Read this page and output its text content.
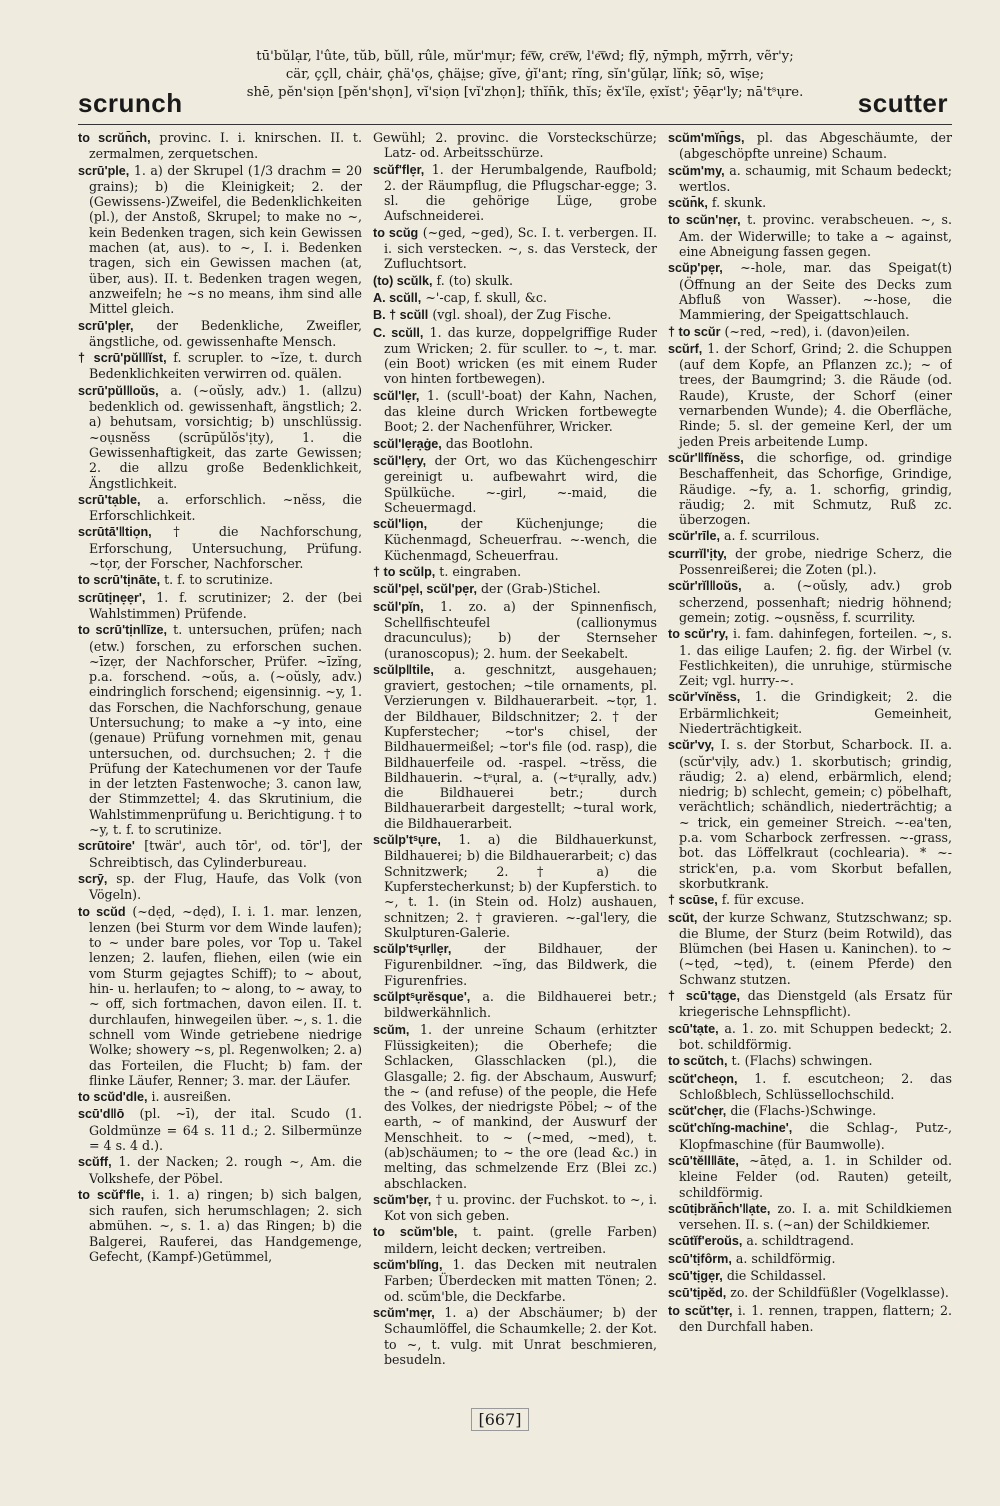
scrunch	scutter
tū'bŭlạr, l'ûte, tŭb, bŭll, rûle, mŭr'mụr; fe͞w, cre͞w, l'e͞wd; flȳ, nȳmph, mȳ̆rrh, vẽr'y;
cär, ççll, chȧir, çhä'ọs, çhäi̤se; gĭve, ġĭ'ant; rĭng, sĭn'gŭlạr, lĭn̄k; sō, wīṣe;
shē, pĕn'siọn [pĕn'shọn], vĭ'siọn [vĭ'zhọn]; thĭn̄k, thĭs; ĕx'ĭle, ẹxĭst'; ȳēạr'ly; nā'tˢụre.

to scrŭn̄ch, provinc. I. i. knirschen. II. t. zermalmen, zerquetschen.

scrū'ple, 1. a) der Skrupel (1/3 drachm = 20 grains); b) die Kleinigkeit; 2. der (Gewissens-)Zweifel, die Bedenklichkeiten (pl.), der Anstoß, Skrupel; to make no ~, kein Bedenken tragen, sich kein Gewissen machen (at, aus). to ~, I. i. Bedenken tragen, sich ein Gewissen machen (at, über, aus). II. t. Bedenken tragen wegen, anzweifeln; he ~s no means, ihm sind alle Mittel gleich.

scrū'plẹr, der Bedenkliche, Zweifler, ängstliche, od. gewissenhafte Mensch.

† scrū'pŭl‖ĭst, f. scrupler. to ~ĭze, t. durch Bedenklichkeiten verwirren od. quälen.

scrū'pŭl‖oŭs, a. (~oŭsly, adv.) 1. (allzu) bedenklich od. gewissenhaft, ängstlich; 2. a) behutsam, vorsichtig; b) unschlüssig. ~oụsnĕss (scrūpŭlŏs'ịty), 1. die Gewissenhaftigkeit, das zarte Gewissen; 2. die allzu große Bedenklichkeit, Ängstlichkeit.

scrū'tạble, a. erforschlich. ~nĕss, die Erforschlichkeit.

scrūtā'‖tiọn, † die Nachforschung, Erforschung, Untersuchung, Prüfung. ~tọr, der Forscher, Nachforscher.

to scrū'tịnāte, t. f. to scrutinize.

scrūtịnẹẹr', 1. f. scrutinizer; 2. der (bei Wahlstimmen) Prüfende.

to scrū'tịn‖īze, t. untersuchen, prüfen; nach (etw.) forschen, zu erforschen suchen. ~īzẹr, der Nachforscher, Prüfer. ~īzĭng, p.a. forschend. ~oŭs, a. (~oŭsly, adv.) eindringlich forschend; eigensinnig. ~y, 1. das Forschen, die Nachforschung, genaue Untersuchung; to make a ~y into, eine (genaue) Prüfung vornehmen mit, genau untersuchen, od. durchsuchen; 2. † die Prüfung der Katechumenen vor der Taufe in der letzten Fastenwoche; 3. canon law, der Stimmzettel; 4. das Skrutinium, die Wahlstimmenprüfung u. Berichtigung. † to ~y, t. f. to scrutinize.

scrūtoire' [twär', auch tōr', od. tōr'], der Schreibtisch, das Cylinderbureau.

scrȳ, sp. der Flug, Haufe, das Volk (von Vögeln).

to scŭd (~dẹd, ~dẹd), I. i. 1. mar. lenzen, lenzen (bei Sturm vor dem Winde laufen); to ~ under bare poles, vor Top u. Takel lenzen; 2. laufen, fliehen, eilen (wie ein vom Sturm gejagtes Schiff); to ~ about, hin- u. herlaufen; to ~ along, to ~ away, to ~ off, sich fortmachen, davon eilen. II. t. durchlaufen, hinwegeilen über. ~, s. 1. die schnell vom Winde getriebene niedrige Wolke; showery ~s, pl. Regenwolken; 2. a) das Forteilen, die Flucht; b) fam. der flinke Läufer, Renner; 3. mar. der Läufer.

to scŭd'dle, i. ausreißen.

scū'd‖ō (pl. ~ī), der ital. Scudo (1. Goldmünze = 64 s. 11 d.; 2. Silbermünze = 4 s. 4 d.).

scŭff, 1. der Nacken; 2. rough ~, Am. die Volkshefe, der Pöbel.

to scŭf'fle, i. 1. a) ringen; b) sich balgen, sich raufen, sich herumschlagen; 2. sich abmühen. ~, s. 1. a) das Ringen; b) die Balgerei, Rauferei, das Handgemenge, Gefecht, (Kampf-)Getümmel,

Gewühl; 2. provinc. die Vorsteckschürze; Latz- od. Arbeitsschürze.

scŭf'flẹr, 1. der Herumbalgende, Raufbold; 2. der Räumpflug, die Pflugschar-egge; 3. sl. die gehörige Lüge, grobe Aufschneiderei.

to scŭg (~ged, ~ged), Sc. I. t. verbergen. II. i. sich verstecken. ~, s. das Versteck, der Zufluchtsort.

(to) scŭlk, f. (to) skulk.

A. scŭll, ~'-cap, f. skull, &c.

B. † scŭll (vgl. shoal), der Zug Fische.

C. scŭll, 1. das kurze, doppelgriffige Ruder zum Wricken; 2. für sculler. to ~, t. mar. (ein Boot) wricken (es mit einem Ruder von hinten fortbewegen).

scŭl'lẹr, 1. (scull'-boat) der Kahn, Nachen, das kleine durch Wricken fortbewegte Boot; 2. der Nachenführer, Wricker.

scŭl'lẹrạġe, das Bootlohn.

scŭl'lẹry, der Ort, wo das Küchengeschirr gereinigt u. aufbewahrt wird, die Spülküche. ~-girl, ~-maid, die Scheuermagd.

scŭl'liọn,	der Küchenjunge; die Küchenmagd, Scheuerfrau. ~-wench, die Küchenmagd, Scheuerfrau.

† to scŭlp, t. eingraben.

scŭl'pẹl, scŭl'pẹr, der (Grab-)Stichel.

scŭl'pĭn, 1. zo. a) der Spinnenfisch, Schellfischteufel (callionymus dracunculus); b) der Sternseher (uranoscopus); 2. hum. der Seekabelt.

scŭlp‖tile, a. geschnitzt, ausgehauen; graviert, gestochen; ~tile ornaments, pl. Verzierungen v. Bildhauerarbeit. ~tọr, 1. der Bildhauer, Bildschnitzer; 2. † der Kupferstecher; ~tor's chisel, der Bildhauermeißel; ~tor's file (od. rasp), die Bildhauerfeile od. -raspel. ~trĕss, die Bildhauerin. ~tˢụral, a. (~tˢụrally, adv.) die Bildhauerei betr.; durch Bildhauerarbeit dargestellt; ~tural work, die Bildhauerarbeit.

scŭlp'tˢụre, 1. a) die Bildhauerkunst, Bildhauerei; b) die Bildhauerarbeit; c) das Schnitzwerk; 2. † a) die Kupferstecherkunst; b) der Kupferstich. to ~, t. 1. (in Stein od. Holz) aushauen, schnitzen; 2. † gravieren. ~-gal'lery, die Skulpturen-Galerie.

scŭlp'tˢụr‖ẹr,	der Bildhauer, der Figurenbildner. ~ĭng, das Bildwerk, die Figurenfries.

scŭlptˢụrĕsque', a. die Bildhauerei betr.; bildwerkähnlich.

scŭm, 1. der unreine Schaum (erhitzter Flüssigkeiten); die Oberhefe; die Schlacken, Glasschlacken (pl.), die Glasgalle; 2. fig. der Abschaum, Auswurf; the ~ (and refuse) of the people, die Hefe des Volkes, der niedrigste Pöbel; ~ of the earth, ~ of mankind, der Auswurf der Menschheit. to ~ (~med, ~med), t. (ab)schäumen; to ~ the ore (lead &c.) in melting, das schmelzende Erz (Blei zc.) abschlacken.

scŭm'bẹr, † u. provinc. der Fuchskot. to ~, i. Kot von sich geben.

to scŭm'ble, t. paint. (grelle Farben) mildern, leicht decken; vertreiben.

scŭm'blĭng, 1. das Decken mit neutralen Farben; Überdecken mit matten Tönen; 2. od. scŭm'ble, die Deckfarbe.

scŭm'mẹr, 1. a) der Abschäumer; b) der Schaumlöffel, die Schaumkelle; 2. der Kot. to ~, t. vulg. mit Unrat beschmieren, besudeln.

scŭm'mĭn̄gs, pl. das Abgeschäumte, der (abgeschöpfte unreine) Schaum.

scŭm'my, a. schaumig, mit Schaum bedeckt; wertlos.

scŭn̄k, f. skunk.

to scŭn'nẹr, t. provinc. verabscheuen. ~, s. Am. der Widerwille; to take a ~ against, eine Abneigung fassen gegen.

scŭp'pẹr, ~-hole, mar. das Speigat(t) (Öffnung an der Seite des Decks zum Abfluß von Wasser). ~-hose, die Mammiering, der Speigattschlauch.

† to scŭr (~red, ~red), i. (davon)eilen.

scŭrf, 1. der Schorf, Grind; 2. die Schuppen (auf dem Kopfe, an Pflanzen zc.); ~ of trees, der Baumgrind; 3. die Räude (od. Raude), Kruste, der Schorf (einer vernarbenden Wunde); 4. die Oberfläche, Rinde; 5. sl. der gemeine Kerl, der um jeden Preis arbeitende Lump.

scŭr'‖fĭnĕss, die schorfige, od. grindige Beschaffenheit, das Schorfige, Grindige, Räudige. ~fy, a. 1. schorfig, grindig, räudig; 2. mit Schmutz, Ruß zc. überzogen.

scŭr'rīle, a. f. scurrilous.

scurrĭl'ịty, der grobe, niedrige Scherz, die Possenreißerei; die Zoten (pl.).

scŭr'rĭl‖oŭs, a. (~oŭsly, adv.) grob scherzend, possenhaft; niedrig höhnend; gemein; zotig. ~oụsnĕss, f. scurrility.

to scŭr'ry, i. fam. dahinfegen, forteilen. ~, s. 1. das eilige Laufen; 2. fig. der Wirbel (v. Festlichkeiten), die unruhige, stürmische Zeit; vgl. hurry-~.

scŭr'vĭnĕss, 1. die Grindigkeit; 2. die Erbärmlichkeit; Gemeinheit, Niederträchtigkeit.

scŭr'vy, I. s. der Storbut, Scharbock. II. a. (scŭr'vịly, adv.) 1. skorbutisch; grindig, räudig; 2. a) elend, erbärmlich, elend; niedrig; b) schlecht, gemein; c) pöbelhaft, verächtlich; schändlich, niederträchtig; a ~ trick, ein gemeiner Streich. ~-ea'ten, p.a. vom Scharbock zerfressen. ~-grass, bot. das Löffelkraut (cochlearia). * ~-strick'en, p.a. vom Skorbut befallen, skorbutkrank.

† scūse, f. für excuse.

scŭt, der kurze Schwanz, Stutzschwanz; sp. die Blume, der Sturz (beim Rotwild), das Blümchen (bei Hasen u. Kaninchen). to ~ (~tẹd, ~tẹd), t. (einem Pferde) den Schwanz stutzen.

† scū'tạge, das Dienstgeld (als Ersatz für kriegerische Lehnspflicht).

scū'tạte, a. 1. zo. mit Schuppen bedeckt; 2. bot. schildförmig.

to scŭtch, t. (Flachs) schwingen.

scŭt'cheọn, 1. f. escutcheon; 2. das Schloßblech, Schlüssellochschild.

scŭt'chẹr, die (Flachs-)Schwinge.

scŭt'chĭng-machine', die Schlag-, Putz-, Klopfmaschine (für Baumwolle).

scū'tĕll‖āte, ~ātẹd, a. 1. in Schilder od. kleine Felder (od. Rauten) geteilt, schildförmig.

scūtịbrăn̄ch'‖ạte, zo. I. a. mit Schildkiemen versehen. II. s. (~an) der Schildkiemer.

scūtĭf'eroŭs, a. schildtragend.

scū'tịfôrm, a. schildförmig.

scū'tịgẹr, die Schildassel.

scū'tịpĕd, zo. der Schildfüßler (Vogelklasse).

to scŭt'tẹr, i. 1. rennen, trappen, flattern; 2. den Durchfall haben.

[667]
